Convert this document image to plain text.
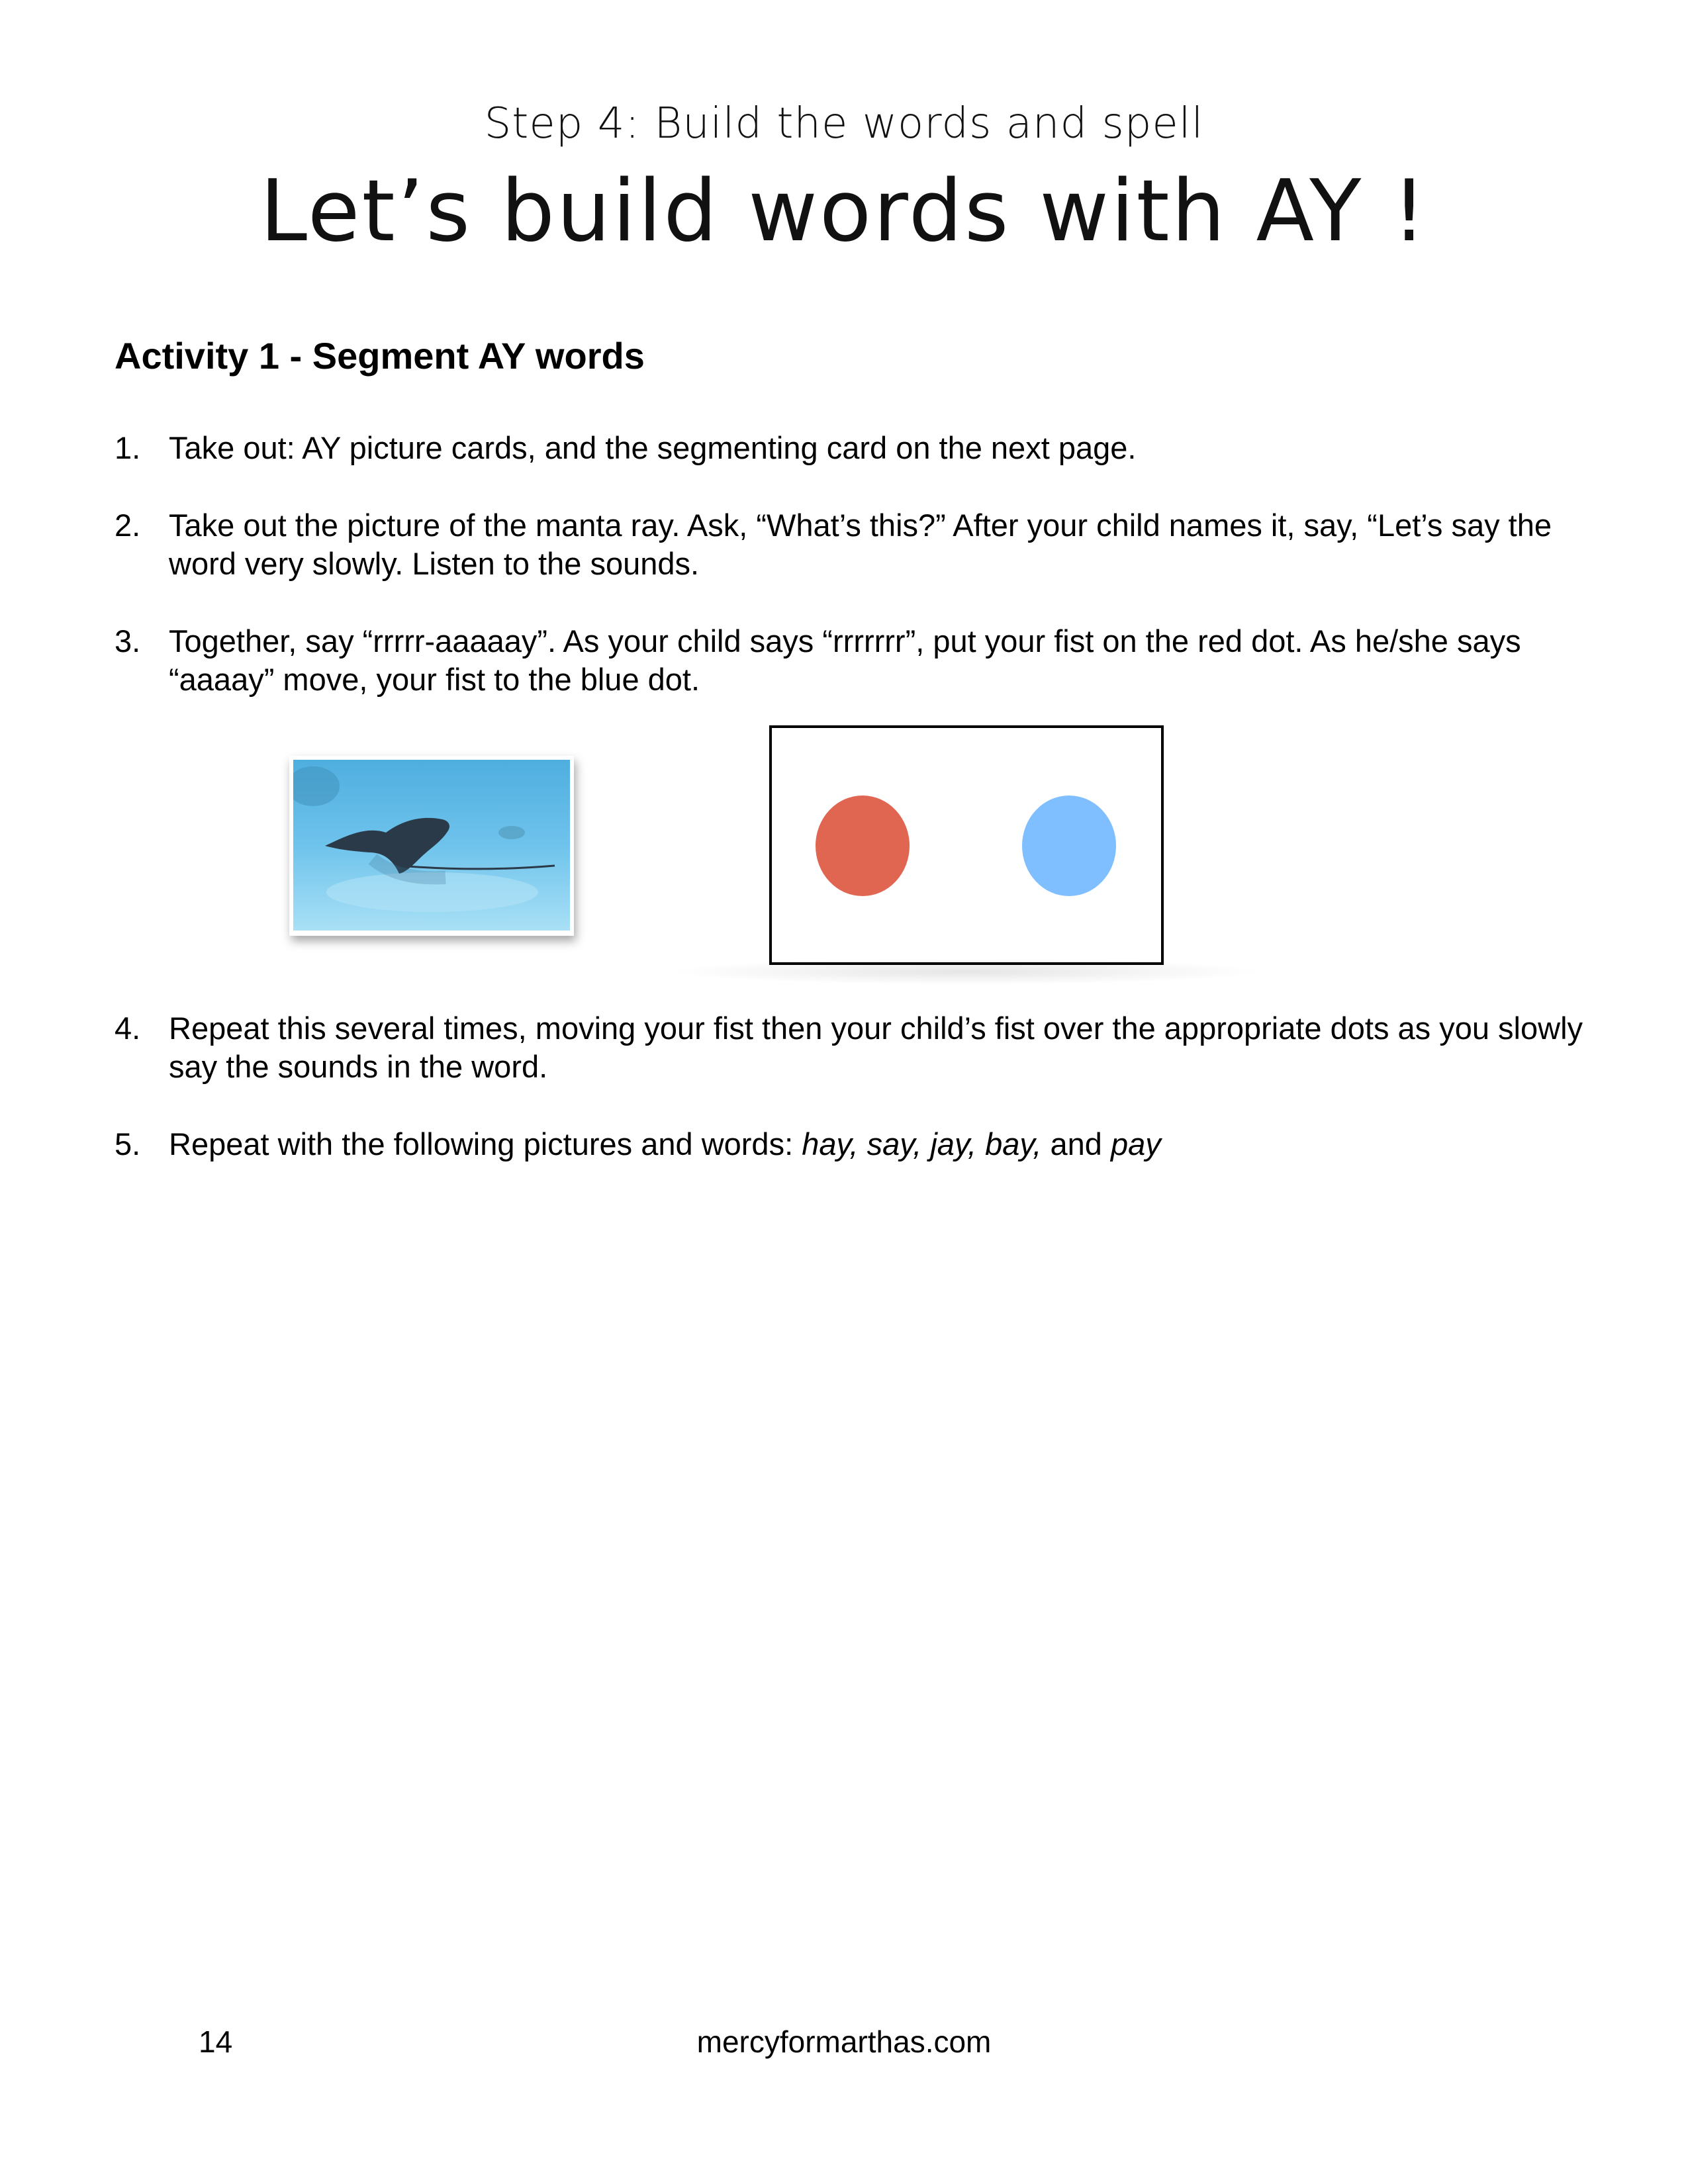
Step 4: Build the words and spell
Let’s build words with AY !
Activity 1 - Segment AY words
1. Take out: AY picture cards, and the segmenting card on the next page.
2. Take out the picture of the manta ray. Ask, “What’s this?” After your child names it, say, “Let’s say the word very slowly. Listen to the sounds.
3. Together, say “rrrrr-aaaaay”. As your child says “rrrrrrr”, put your fist on the red dot. As he/she says “aaaay” move, your fist to the blue dot.
4. Repeat this several times, moving your fist then your child’s fist over the appropriate dots as you slowly say the sounds in the word.
5. Repeat with the following pictures and words: hay, say, jay, bay, and pay
14	mercyformarthas.com
